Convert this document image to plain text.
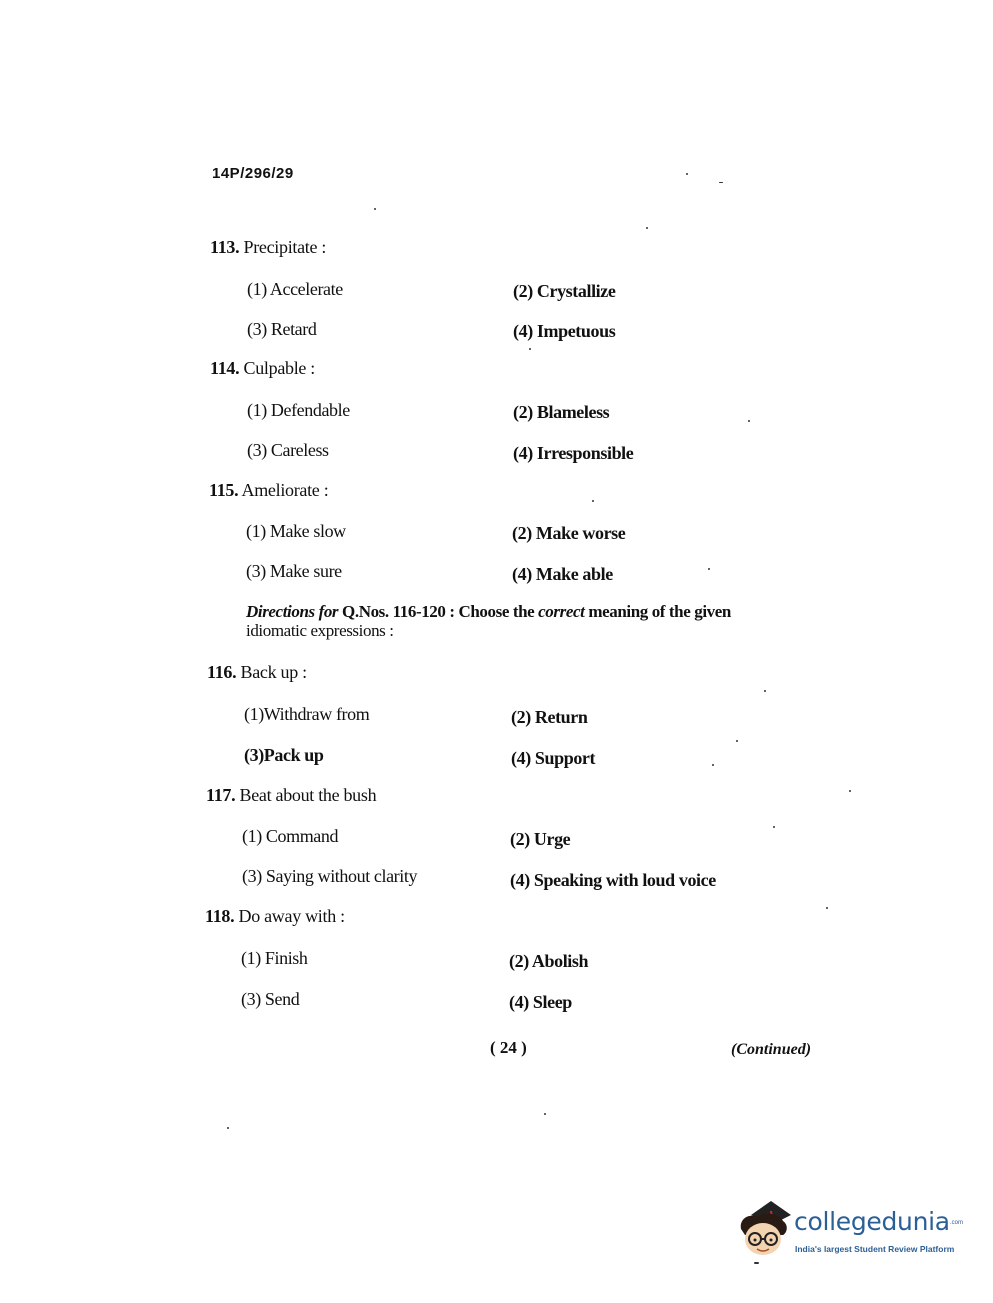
14P/296/29
113. Precipitate :
(1) Accelerate	(2) Crystallize
(3) Retard	(4) Impetuous
114. Culpable :
(1) Defendable	(2) Blameless
(3) Careless	(4) Irresponsible
115. Ameliorate :
(1) Make slow	(2) Make worse
(3) Make sure	(4) Make able
Directions for Q.Nos. 116-120 : Choose the correct meaning of the given
idiomatic expressions :
116. Back up :
(1)Withdraw from	(2) Return
(3)Pack up	(4) Support
117. Beat about the bush
(1) Command	(2) Urge
(3) Saying without clarity	(4) Speaking with loud voice
118. Do away with :
(1) Finish	(2) Abolish
(3) Send	(4) Sleep
( 24 )	(Continued)
collegedunia .com
India's largest Student Review Platform
